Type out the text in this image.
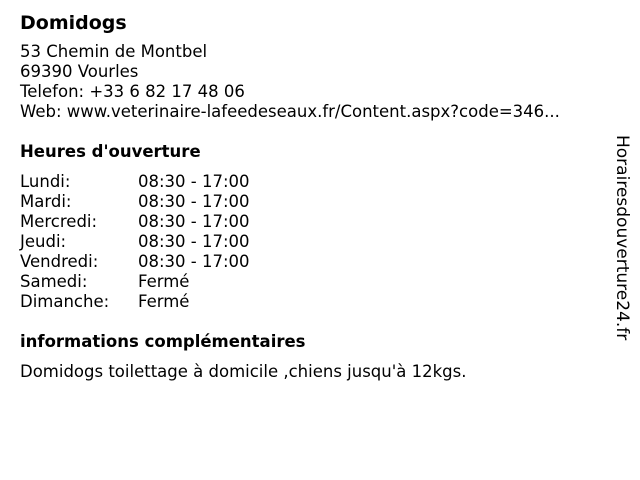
Domidogs
53 Chemin de Montbel
69390 Vourles
Telefon: +33 6 82 17 48 06
Web: www.veterinaire-lafeedeseaux.fr/Content.aspx?code=346...
Heures d'ouverture
Lundi:	08:30 - 17:00
Mardi:	08:30 - 17:00
Mercredi:	08:30 - 17:00
Jeudi:	08:30 - 17:00
Vendredi:	08:30 - 17:00
Samedi:	Fermé
Dimanche:	Fermé
informations complémentaires
Domidogs toilettage à domicile ,chiens jusqu'à 12kgs.
Horairesdouverture24.fr
